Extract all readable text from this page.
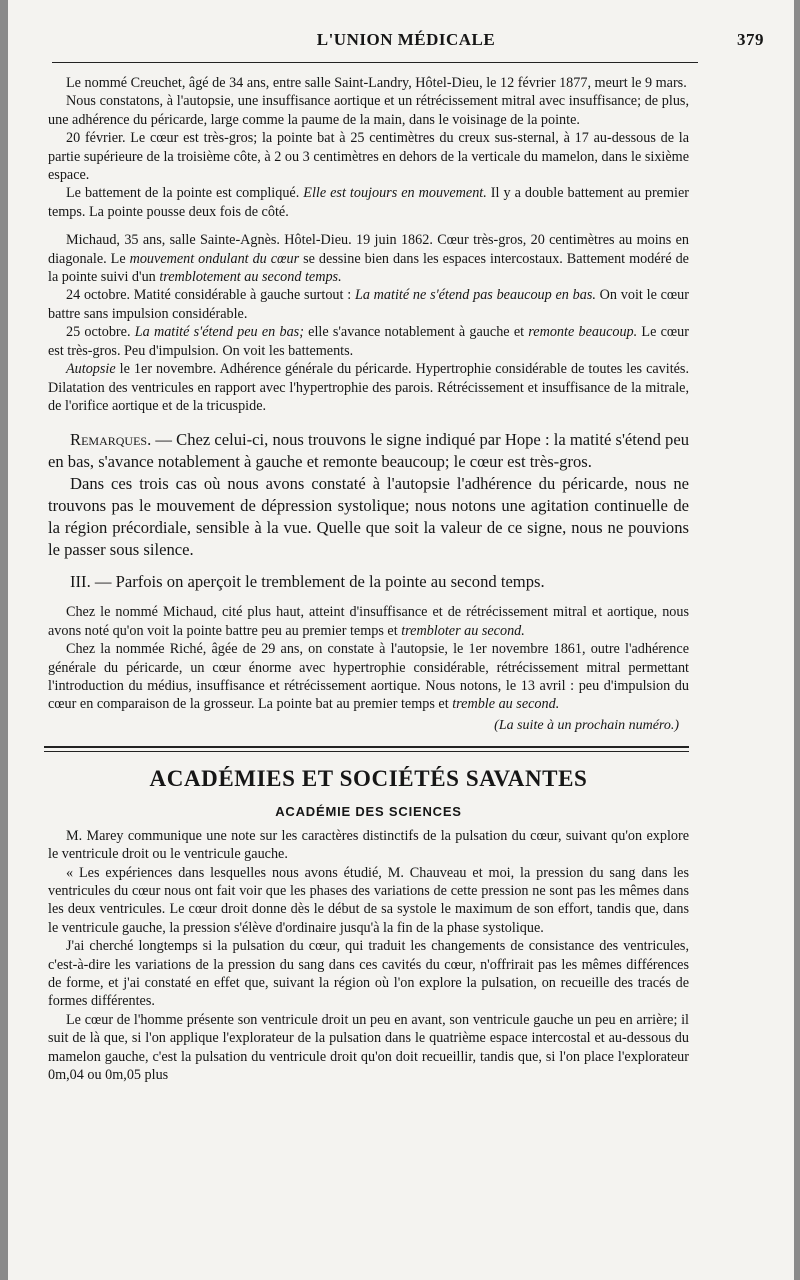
L'UNION MÉDICALE	379

Le nommé Creuchet, âgé de 34 ans, entre salle Saint-Landry, Hôtel-Dieu, le 12 février 1877, meurt le 9 mars.

Nous constatons, à l'autopsie, une insuffisance aortique et un rétrécissement mitral avec insuffisance; de plus, une adhérence du péricarde, large comme la paume de la main, dans le voisinage de la pointe.

20 février. Le cœur est très-gros; la pointe bat à 25 centimètres du creux sus-sternal, à 17 au-dessous de la partie supérieure de la troisième côte, à 2 ou 3 centimètres en dehors de la verticale du mamelon, dans le sixième espace.

Le battement de la pointe est compliqué. Elle est toujours en mouvement. Il y a double battement au premier temps. La pointe pousse deux fois de côté.

Michaud, 35 ans, salle Sainte-Agnès. Hôtel-Dieu. 19 juin 1862. Cœur très-gros, 20 centimètres au moins en diagonale. Le mouvement ondulant du cœur se dessine bien dans les espaces intercostaux. Battement modéré de la pointe suivi d'un tremblotement au second temps.

24 octobre. Matité considérable à gauche surtout : La matité ne s'étend pas beaucoup en bas. On voit le cœur battre sans impulsion considérable.

25 octobre. La matité s'étend peu en bas; elle s'avance notablement à gauche et remonte beaucoup. Le cœur est très-gros. Peu d'impulsion. On voit les battements.

Autopsie le 1er novembre. Adhérence générale du péricarde. Hypertrophie considérable de toutes les cavités. Dilatation des ventricules en rapport avec l'hypertrophie des parois. Rétrécissement et insuffisance de la mitrale, de l'orifice aortique et de la tricuspide.

Remarques. — Chez celui-ci, nous trouvons le signe indiqué par Hope : la matité s'étend peu en bas, s'avance notablement à gauche et remonte beaucoup; le cœur est très-gros.

Dans ces trois cas où nous avons constaté à l'autopsie l'adhérence du péricarde, nous ne trouvons pas le mouvement de dépression systolique; nous notons une agitation continuelle de la région précordiale, sensible à la vue. Quelle que soit la valeur de ce signe, nous ne pouvions le passer sous silence.

III. — Parfois on aperçoit le tremblement de la pointe au second temps.

Chez le nommé Michaud, cité plus haut, atteint d'insuffisance et de rétrécissement mitral et aortique, nous avons noté qu'on voit la pointe battre peu au premier temps et trembloter au second.

Chez la nommée Riché, âgée de 29 ans, on constate à l'autopsie, le 1er novembre 1861, outre l'adhérence générale du péricarde, un cœur énorme avec hypertrophie considérable, rétrécissement mitral permettant l'introduction du médius, insuffisance et rétrécissement aortique. Nous notons, le 13 avril : peu d'impulsion du cœur en comparaison de la grosseur. La pointe bat au premier temps et tremble au second.

(La suite à un prochain numéro.)

ACADÉMIES ET SOCIÉTÉS SAVANTES
ACADÉMIE DES SCIENCES

M. Marey communique une note sur les caractères distinctifs de la pulsation du cœur, suivant qu'on explore le ventricule droit ou le ventricule gauche.

« Les expériences dans lesquelles nous avons étudié, M. Chauveau et moi, la pression du sang dans les ventricules du cœur nous ont fait voir que les phases des variations de cette pression ne sont pas les mêmes dans les deux ventricules. Le cœur droit donne dès le début de sa systole le maximum de son effort, tandis que, dans le ventricule gauche, la pression s'élève d'ordinaire jusqu'à la fin de la phase systolique.

J'ai cherché longtemps si la pulsation du cœur, qui traduit les changements de consistance des ventricules, c'est-à-dire les variations de la pression du sang dans ces cavités du cœur, n'offrirait pas les mêmes différences de forme, et j'ai constaté en effet que, suivant la région où l'on explore la pulsation, on recueille des tracés de formes différentes.

Le cœur de l'homme présente son ventricule droit un peu en avant, son ventricule gauche un peu en arrière; il suit de là que, si l'on applique l'explorateur de la pulsation dans le quatrième espace intercostal et au-dessous du mamelon gauche, c'est la pulsation du ventricule droit qu'on doit recueillir, tandis que, si l'on place l'explorateur 0m,04 ou 0m,05 plus
